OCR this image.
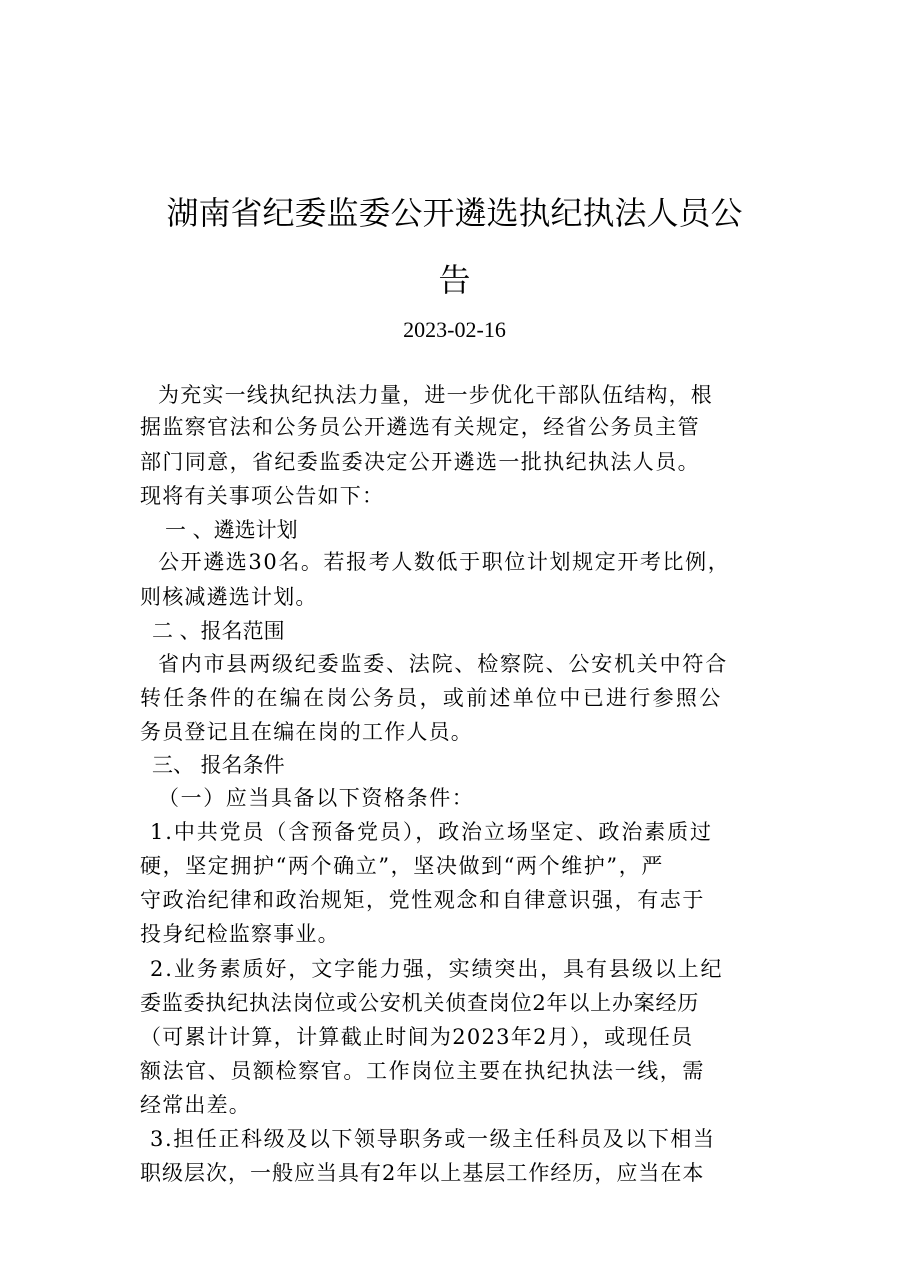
湖南省纪委监委公开遴选执纪执法人员公
告
2023-02-16
为充实一线执纪执法力量，进一步优化干部队伍结构，根
据监察官法和公务员公开遴选有关规定，经省公务员主管
部门同意，省纪委监委决定公开遴选一批执纪执法人员。
现将有关事项公告如下：
一 、遴选计划
公开遴选30名。若报考人数低于职位计划规定开考比例，
则核减遴选计划。
二 、报名范围
省内市县两级纪委监委、法院、检察院、公安机关中符合
转任条件的在编在岗公务员，或前述单位中已进行参照公
务员登记且在编在岗的工作人员。
三、 报名条件
（一）应当具备以下资格条件：
1.中共党员（含预备党员），政治立场坚定、政治素质过
硬，坚定拥护“两个确立”，坚决做到“两个维护”，严
守政治纪律和政治规矩，党性观念和自律意识强，有志于
投身纪检监察事业。
2.业务素质好，文字能力强，实绩突出，具有县级以上纪
委监委执纪执法岗位或公安机关侦查岗位2年以上办案经历
（可累计计算，计算截止时间为2023年2月），或现任员
额法官、员额检察官。工作岗位主要在执纪执法一线，需
经常出差。
3.担任正科级及以下领导职务或一级主任科员及以下相当
职级层次，一般应当具有2年以上基层工作经历，应当在本
